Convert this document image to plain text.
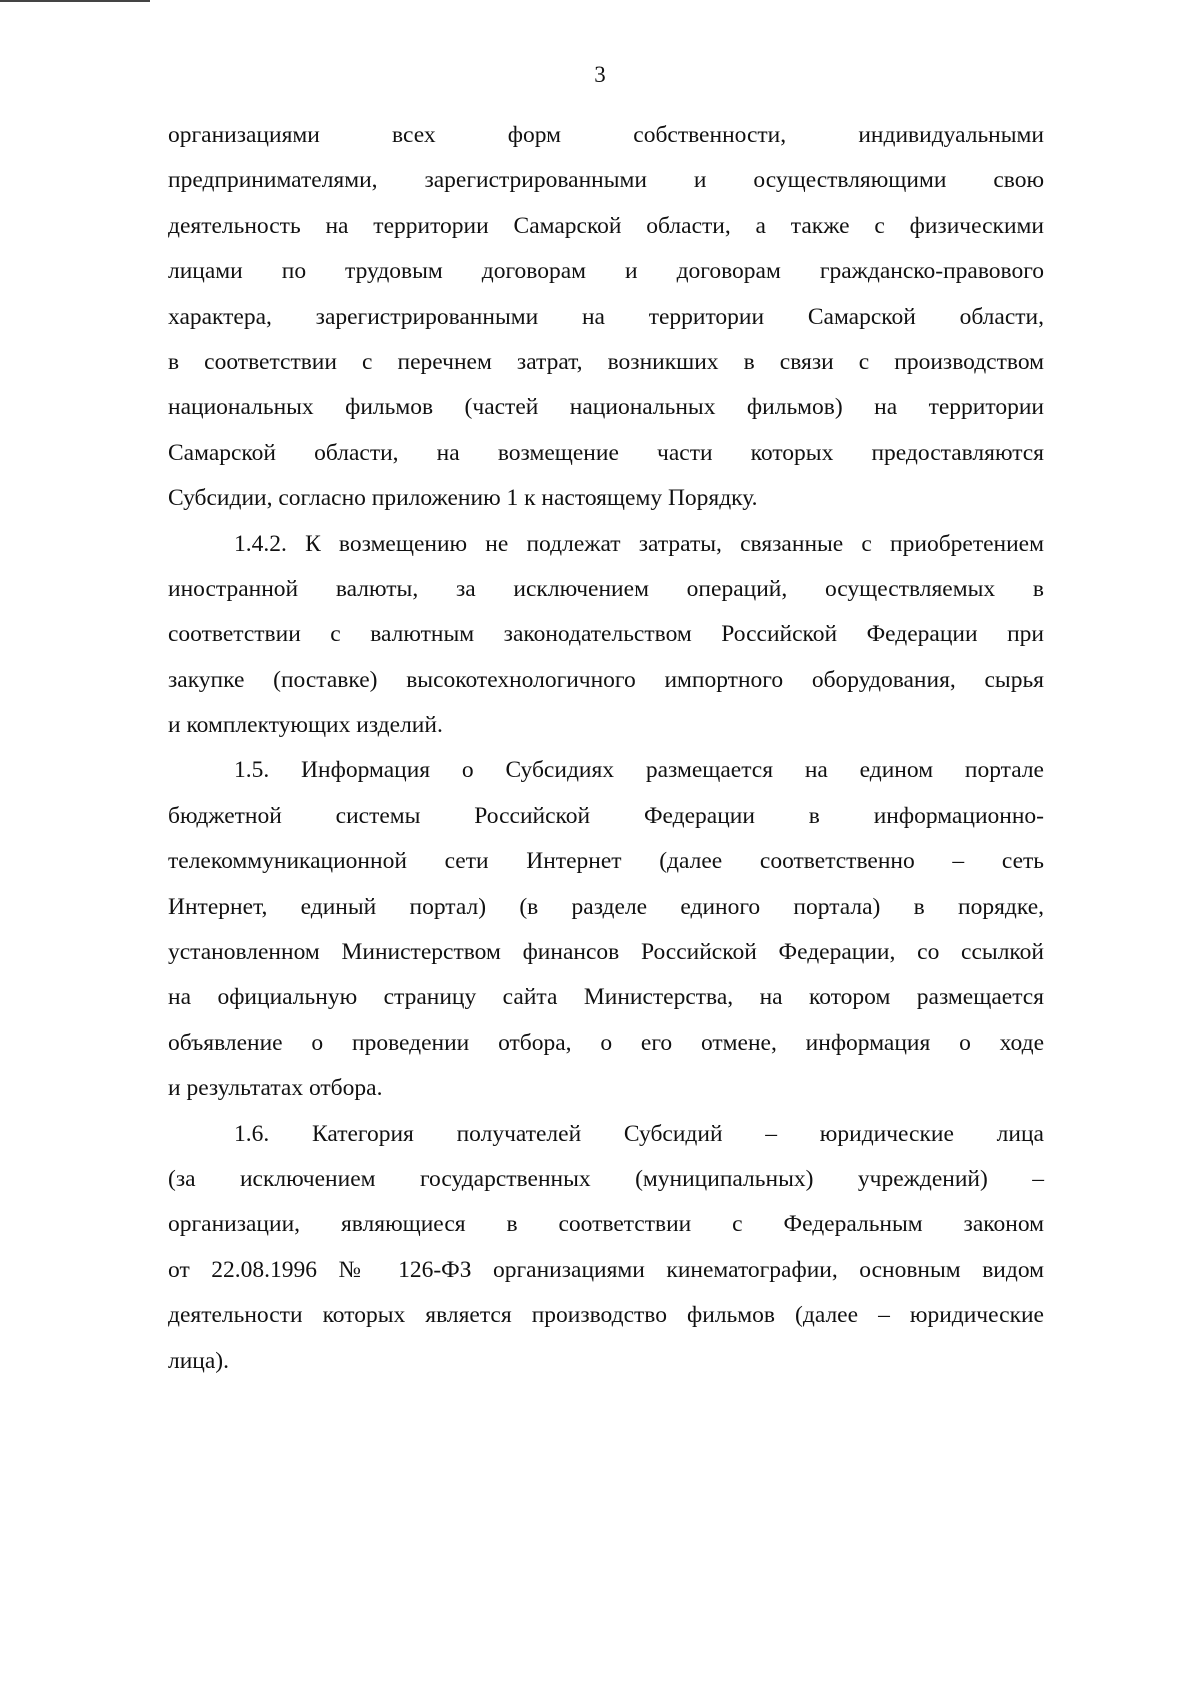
3
организациями всех форм собственности, индивидуальными
предпринимателями, зарегистрированными и осуществляющими свою
деятельность на территории Самарской области, а также с физическими
лицами по трудовым договорам и договорам гражданско-правового
характера, зарегистрированными на территории Самарской области,
в соответствии с перечнем затрат, возникших в связи с производством
национальных фильмов (частей национальных фильмов) на территории
Самарской области, на возмещение части которых предоставляются
Субсидии, согласно приложению 1 к настоящему Порядку.
1.4.2. К возмещению не подлежат затраты, связанные с приобретением
иностранной валюты, за исключением операций, осуществляемых в
соответствии с валютным законодательством Российской Федерации при
закупке (поставке) высокотехнологичного импортного оборудования, сырья
и комплектующих изделий.
1.5. Информация о Субсидиях размещается на едином портале
бюджетной системы Российской Федерации в информационно-
телекоммуникационной сети Интернет (далее соответственно – сеть
Интернет, единый портал) (в разделе единого портала) в порядке,
установленном Министерством финансов Российской Федерации, со ссылкой
на официальную страницу сайта Министерства, на котором размещается
объявление о проведении отбора, о его отмене, информация о ходе
и результатах отбора.
1.6. Категория получателей Субсидий – юридические лица
(за исключением государственных (муниципальных) учреждений) –
организации, являющиеся в соответствии с Федеральным законом
от 22.08.1996 № 126-ФЗ организациями кинематографии, основным видом
деятельности которых является производство фильмов (далее – юридические
лица).
